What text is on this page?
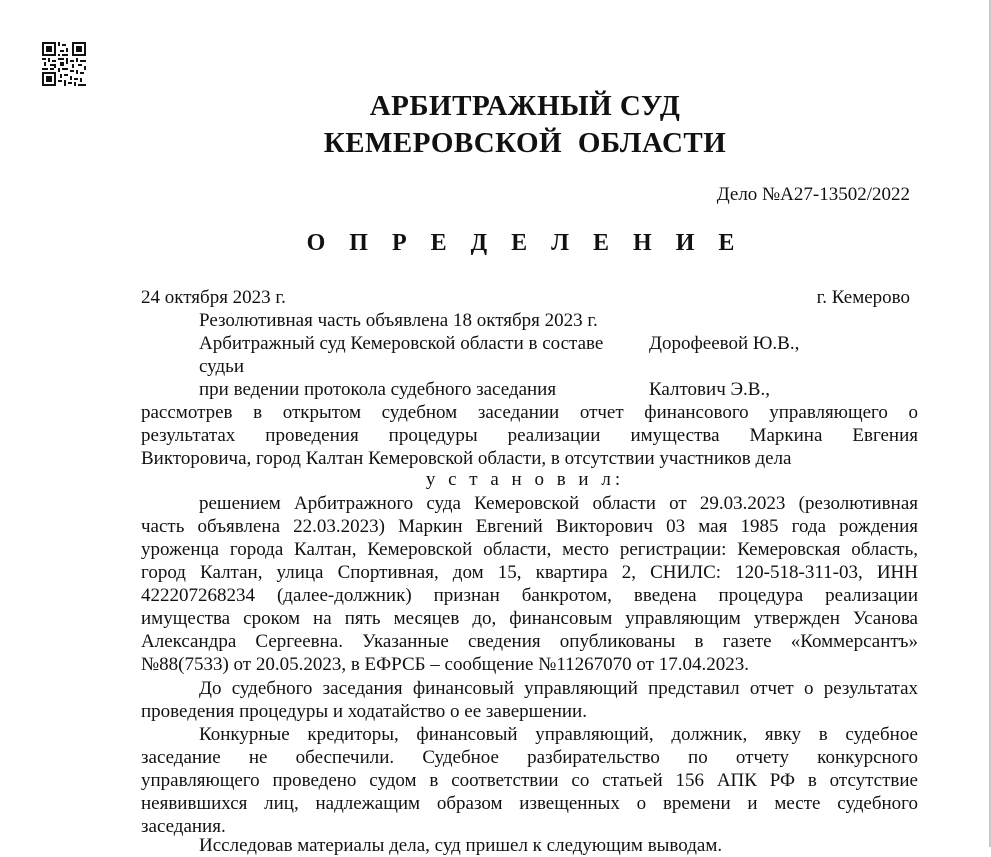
АРБИТРАЖНЫЙ СУД
КЕМЕРОВСКОЙ ОБЛАСТИ
Дело №А27-13502/2022
О П Р Е Д Е Л Е Н И Е
24 октября 2023 г.	г. Кемерово
Резолютивная часть объявлена 18 октября 2023 г.
Арбитражный суд Кемеровской области в составе Дорофеевой Ю.В.,
судьи
при ведении протокола судебного заседания	Калтович Э.В.,
рассмотрев в открытом судебном заседании отчет финансового управляющего о
результатах проведения процедуры реализации имущества Маркина Евгения
Викторовича, город Калтан Кемеровской области, в отсутствии участников дела
у с т а н о в и л:
решением Арбитражного суда Кемеровской области от 29.03.2023 (резолютивная
часть объявлена 22.03.2023) Маркин Евгений Викторович 03 мая 1985 года рождения
уроженца города Калтан, Кемеровской области, место регистрации: Кемеровская область,
город Калтан, улица Спортивная, дом 15, квартира 2, СНИЛС: 120-518-311-03, ИНН
422207268234 (далее-должник) признан банкротом, введена процедура реализации
имущества сроком на пять месяцев до, финансовым управляющим утвержден Усанова
Александра Сергеевна. Указанные сведения опубликованы в газете «Коммерсантъ»
№88(7533) от 20.05.2023, в ЕФРСБ – сообщение №11267070 от 17.04.2023.
До судебного заседания финансовый управляющий представил отчет о результатах
проведения процедуры и ходатайство о ее завершении.
Конкурные кредиторы, финансовый управляющий, должник, явку в судебное
заседание не обеспечили. Судебное разбирательство по отчету конкурсного
управляющего проведено судом в соответствии со статьей 156 АПК РФ в отсутствие
неявившихся лиц, надлежащим образом извещенных о времени и месте судебного
заседания.
Исследовав материалы дела, суд пришел к следующим выводам.
